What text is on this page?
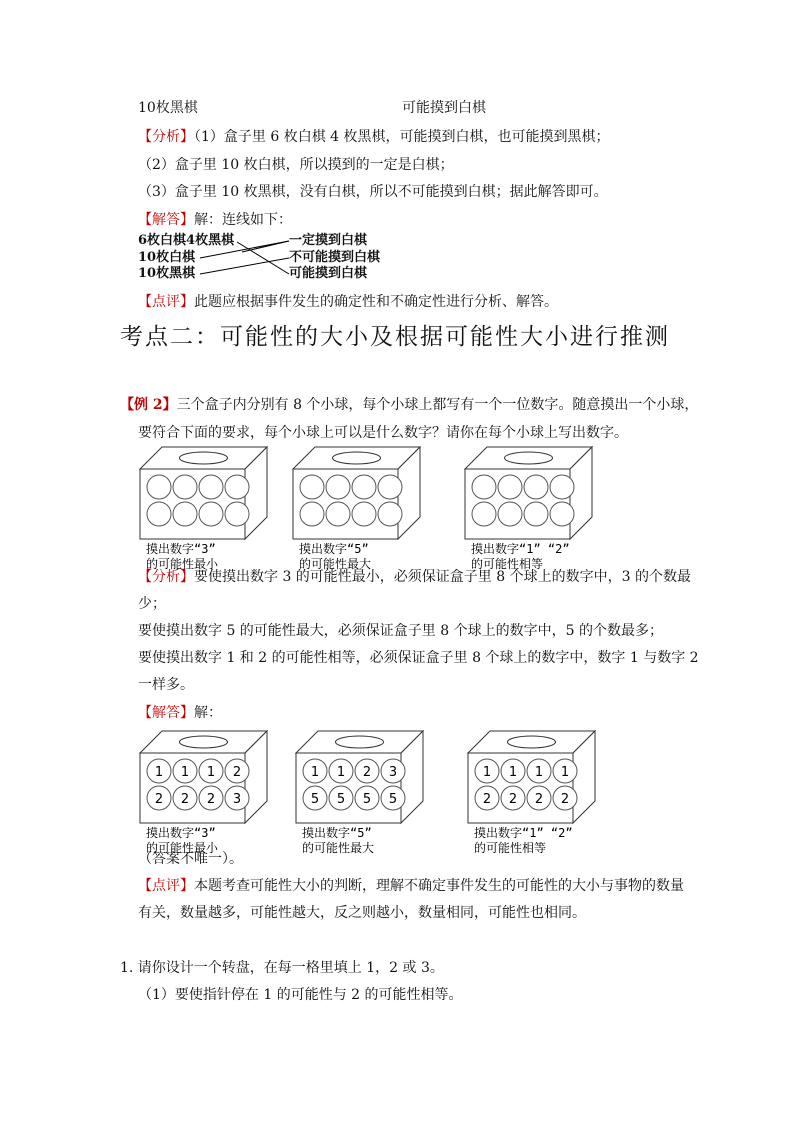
10枚黑棋	可能摸到白棋
【分析】（1）盒子里 6 枚白棋 4 枚黑棋，可能摸到白棋，也可能摸到黑棋；
（2）盒子里 10 枚白棋，所以摸到的一定是白棋；
（3）盒子里 10 枚黑棋，没有白棋，所以不可能摸到白棋；据此解答即可。
【解答】解：连线如下：
6枚白棋4枚黑棋
10枚白棋
10枚黑棋
一定摸到白棋
不可能摸到白棋
可能摸到白棋
【点评】此题应根据事件发生的确定性和不确定性进行分析、解答。
考点二：可能性的大小及根据可能性大小进行推测
【例 2】三个盒子内分别有 8 个小球，每个小球上都写有一个一位数字。随意摸出一个小球，
要符合下面的要求，每个小球上可以是什么数字？请你在每个小球上写出数字。
摸出数字“3”
的可能性最小
摸出数字“5”
的可能性最大
摸出数字“1” “2”
的可能性相等
【分析】要使摸出数字 3 的可能性最小，必须保证盒子里 8 个球上的数字中，3 的个数最
少；
要使摸出数字 5 的可能性最大，必须保证盒子里 8 个球上的数字中，5 的个数最多；
要使摸出数字 1 和 2 的可能性相等，必须保证盒子里 8 个球上的数字中，数字 1 与数字 2
一样多。
【解答】解：
1 1 1 2
2 2 2 3
摸出数字“3”
的可能性最小
1 1 2 3
5 5 5 5
摸出数字“5”
的可能性最大
1 1 1 1
2 2 2 2
摸出数字“1” “2”
的可能性相等
（答案不唯一）。
【点评】本题考查可能性大小的判断，理解不确定事件发生的可能性的大小与事物的数量
有关，数量越多，可能性越大，反之则越小，数量相同，可能性也相同。
1. 请你设计一个转盘，在每一格里填上 1，2 或 3。
（1）要使指针停在 1 的可能性与 2 的可能性相等。
